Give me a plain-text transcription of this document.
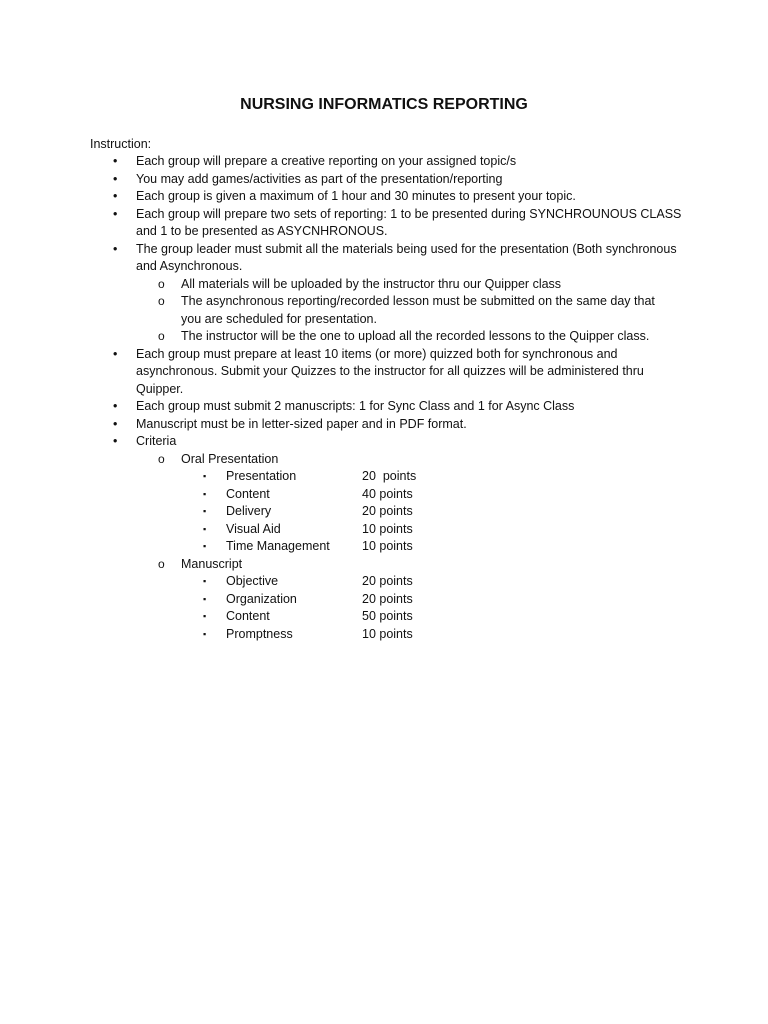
NURSING INFORMATICS REPORTING
Instruction:
• Each group will prepare a creative reporting on your assigned topic/s
• You may add games/activities as part of the presentation/reporting
• Each group is given a maximum of 1 hour and 30 minutes to present your topic.
• Each group will prepare two sets of reporting: 1 to be presented during SYNCHROUNOUS CLASS and 1 to be presented as ASYCNHRONOUS.
• The group leader must submit all the materials being used for the presentation (Both synchronous and Asynchronous.
o All materials will be uploaded by the instructor thru our Quipper class
o The asynchronous reporting/recorded lesson must be submitted on the same day that you are scheduled for presentation.
o The instructor will be the one to upload all the recorded lessons to the Quipper class.
• Each group must prepare at least 10 items (or more) quizzed both for synchronous and asynchronous. Submit your Quizzes to the instructor for all quizzes will be administered thru Quipper.
• Each group must submit 2 manuscripts: 1 for Sync Class and 1 for Async Class
• Manuscript must be in letter-sized paper and in PDF format.
• Criteria
o Oral Presentation
▪ Presentation	20  points
▪ Content	40 points
▪ Delivery	20 points
▪ Visual Aid	10 points
▪ Time Management	10 points
o Manuscript
▪ Objective	20 points
▪ Organization	20 points
▪ Content	50 points
▪ Promptness	10 points
